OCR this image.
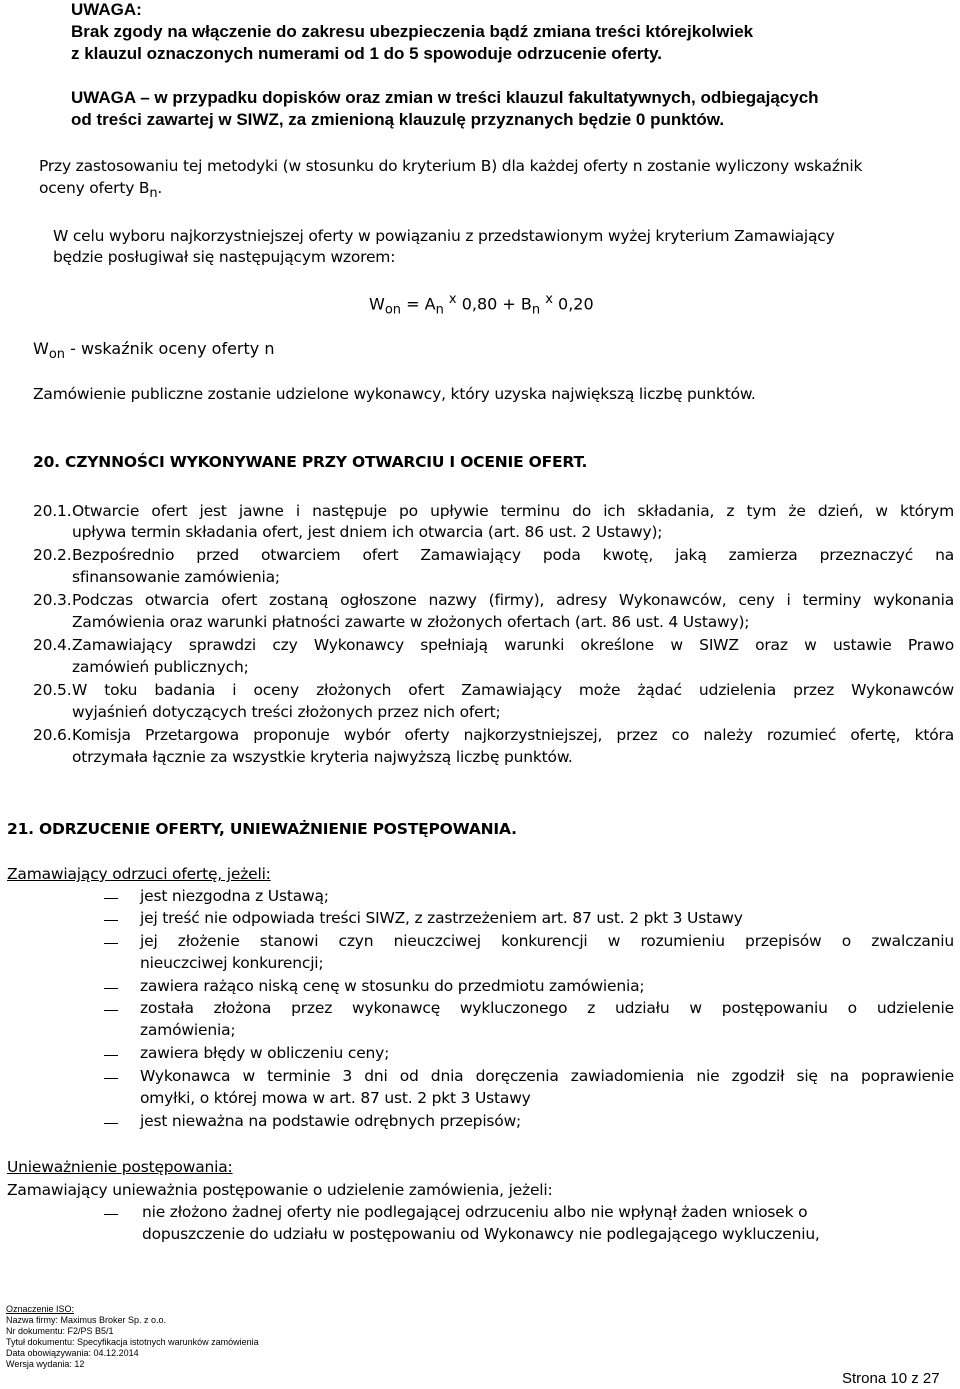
UWAGA:
Brak zgody na włączenie do zakresu ubezpieczenia bądź zmiana treści którejkolwiek
z klauzul oznaczonych numerami od 1 do 5 spowoduje odrzucenie oferty.
UWAGA – w przypadku dopisków oraz zmian w treści klauzul fakultatywnych, odbiegających
od treści zawartej w SIWZ, za zmienioną klauzulę przyznanych będzie 0 punktów.
Przy zastosowaniu tej metodyki (w stosunku do kryterium B) dla każdej oferty n zostanie wyliczony wskaźnik
oceny oferty $B_n$.
W celu wyboru najkorzystniejszej oferty w powiązaniu z przedstawionym wyżej kryterium Zamawiający
będzie posługiwał się następującym wzorem:
$W_{on} = A_n$ $^x$ $0,80 + B_n$ $^x$ 0,20
$W_{on}$ - wskaźnik oceny oferty n
Zamówienie publiczne zostanie udzielone wykonawcy, który uzyska największą liczbę punktów.
20. CZYNNOŚCI WYKONYWANE PRZY OTWARCIU I OCENIE OFERT.
20.1. Otwarcie ofert jest jawne i następuje po upływie terminu do ich składania, z tym że dzień, w którym
upływa termin składania ofert, jest dniem ich otwarcia (art. 86 ust. 2 Ustawy);
20.2. Bezpośrednio przed otwarciem ofert Zamawiający poda kwotę, jaką zamierza przeznaczyć na
sfinansowanie zamówienia;
20.3. Podczas otwarcia ofert zostaną ogłoszone nazwy (firmy), adresy Wykonawców, ceny i terminy wykonania
Zamówienia oraz warunki płatności zawarte w złożonych ofertach (art. 86 ust. 4 Ustawy);
20.4. Zamawiający sprawdzi czy Wykonawcy spełniają warunki określone w SIWZ oraz w ustawie Prawo
zamówień publicznych;
20.5. W toku badania i oceny złożonych ofert Zamawiający może żądać udzielenia przez Wykonawców
wyjaśnień dotyczących treści złożonych przez nich ofert;
20.6. Komisja Przetargowa proponuje wybór oferty najkorzystniejszej, przez co należy rozumieć ofertę, która
otrzymała łącznie za wszystkie kryteria najwyższą liczbę punktów.
21. ODRZUCENIE OFERTY, UNIEWAŻNIENIE POSTĘPOWANIA.
Zamawiający odrzuci ofertę, jeżeli:
jest niezgodna z Ustawą;
jej treść nie odpowiada treści SIWZ, z zastrzeżeniem art. 87 ust. 2 pkt 3 Ustawy
jej złożenie stanowi czyn nieuczciwej konkurencji w rozumieniu przepisów o zwalczaniu
nieuczciwej konkurencji;
zawiera rażąco niską cenę w stosunku do przedmiotu zamówienia;
została złożona przez wykonawcę wykluczonego z udziału w postępowaniu o udzielenie
zamówienia;
zawiera błędy w obliczeniu ceny;
Wykonawca w terminie 3 dni od dnia doręczenia zawiadomienia nie zgodził się na poprawienie
omyłki, o której mowa w art. 87 ust. 2 pkt 3 Ustawy
jest nieważna na podstawie odrębnych przepisów;
Unieważnienie postępowania:
Zamawiający unieważnia postępowanie o udzielenie zamówienia, jeżeli:
nie złożono żadnej oferty nie podlegającej odrzuceniu albo nie wpłynął żaden wniosek o
dopuszczenie do udziału w postępowaniu od Wykonawcy nie podlegającego wykluczeniu,
Oznaczenie ISO:
Nazwa firmy: Maximus Broker Sp. z o.o.
Nr dokumentu: F2/PS B5/1
Tytuł dokumentu: Specyfikacja istotnych warunków zamówienia
Data obowiązywania: 04.12.2014
Wersja wydania: 12
Strona 10 z 27
